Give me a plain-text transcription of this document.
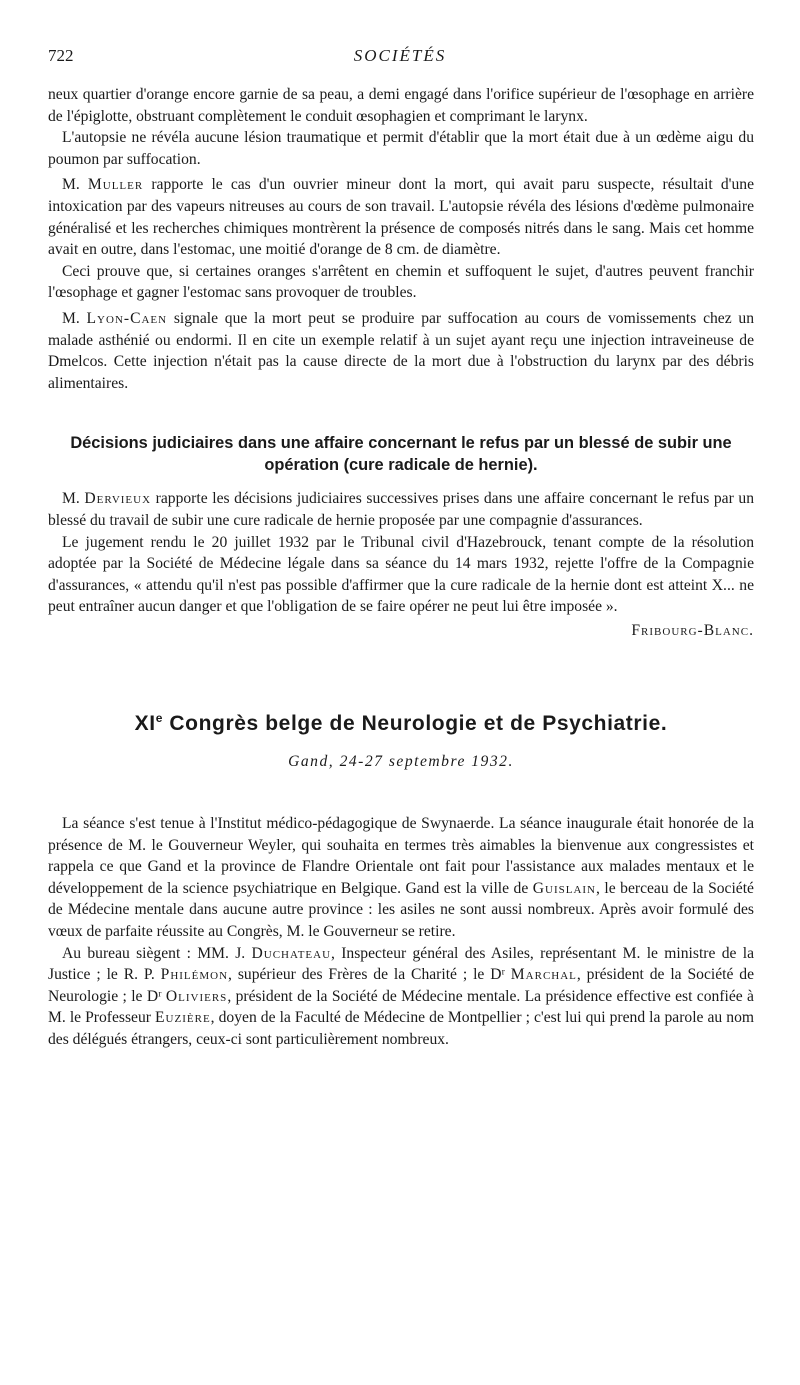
722	SOCIÉTÉS

neux quartier d'orange encore garnie de sa peau, a demi engagé dans l'orifice supérieur de l'œsophage en arrière de l'épiglotte, obstruant complètement le conduit œsophagien et comprimant le larynx.

L'autopsie ne révéla aucune lésion traumatique et permit d'établir que la mort était due à un œdème aigu du poumon par suffocation.

M. Muller rapporte le cas d'un ouvrier mineur dont la mort, qui avait paru suspecte, résultait d'une intoxication par des vapeurs nitreuses au cours de son travail. L'autopsie révéla des lésions d'œdème pulmonaire généralisé et les recherches chimiques montrèrent la présence de composés nitrés dans le sang. Mais cet homme avait en outre, dans l'estomac, une moitié d'orange de 8 cm. de diamètre.

Ceci prouve que, si certaines oranges s'arrêtent en chemin et suffoquent le sujet, d'autres peuvent franchir l'œsophage et gagner l'estomac sans provoquer de troubles.

M. Lyon-Caen signale que la mort peut se produire par suffocation au cours de vomissements chez un malade asthénié ou endormi. Il en cite un exemple relatif à un sujet ayant reçu une injection intraveineuse de Dmelcos. Cette injection n'était pas la cause directe de la mort due à l'obstruction du larynx par des débris alimentaires.

Décisions judiciaires dans une affaire concernant le refus par un blessé de subir une opération (cure radicale de hernie).

M. Dervieux rapporte les décisions judiciaires successives prises dans une affaire concernant le refus par un blessé du travail de subir une cure radicale de hernie proposée par une compagnie d'assurances.

Le jugement rendu le 20 juillet 1932 par le Tribunal civil d'Hazebrouck, tenant compte de la résolution adoptée par la Société de Médecine légale dans sa séance du 14 mars 1932, rejette l'offre de la Compagnie d'assurances, « attendu qu'il n'est pas possible d'affirmer que la cure radicale de la hernie dont est atteint X... ne peut entraîner aucun danger et que l'obligation de se faire opérer ne peut lui être imposée ».

Fribourg-Blanc.

XIe Congrès belge de Neurologie et de Psychiatrie.

Gand, 24-27 septembre 1932.

La séance s'est tenue à l'Institut médico-pédagogique de Swynaerde. La séance inaugurale était honorée de la présence de M. le Gouverneur Weyler, qui souhaita en termes très aimables la bienvenue aux congressistes et rappela ce que Gand et la province de Flandre Orientale ont fait pour l'assistance aux malades mentaux et le développement de la science psychiatrique en Belgique. Gand est la ville de Guislain, le berceau de la Société de Médecine mentale dans aucune autre province : les asiles ne sont aussi nombreux. Après avoir formulé des vœux de parfaite réussite au Congrès, M. le Gouverneur se retire.

Au bureau siègent : MM. J. Duchateau, Inspecteur général des Asiles, représentant M. le ministre de la Justice ; le R. P. Philémon, supérieur des Frères de la Charité ; le Dʳ Marchal, président de la Société de Neurologie ; le Dʳ Oliviers, président de la Société de Médecine mentale. La présidence effective est confiée à M. le Professeur Euzière, doyen de la Faculté de Médecine de Montpellier ; c'est lui qui prend la parole au nom des délégués étrangers, ceux-ci sont particulièrement nombreux.
